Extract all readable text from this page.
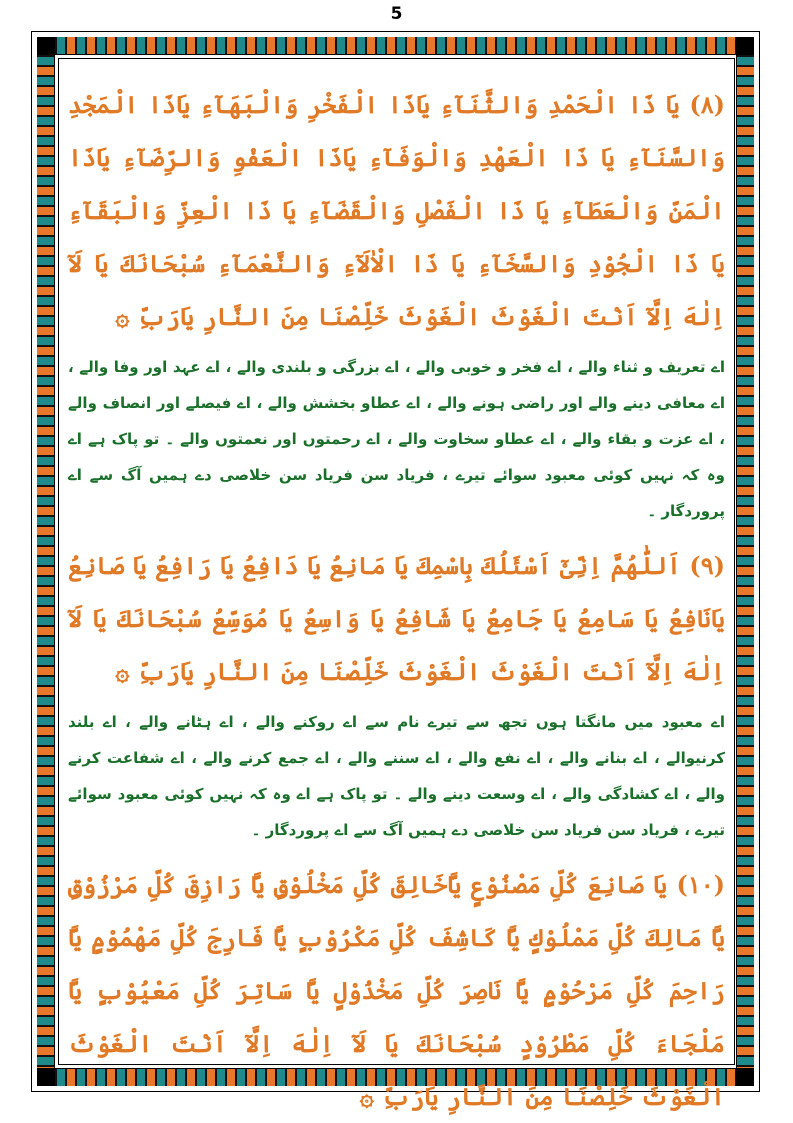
5

(٨) يَا ذَا الْحَمْدِ وَالثَّنَآءِ يَاذَا الْفَخْرِ وَالْبَهَآءِ يَاذَا الْمَجْدِ وَالسَّنَآءِ يَا ذَا الْعَهْدِ وَالْوَفَآءِ يَاذَا الْعَفْوِ وَالرِّضَآءِ يَاذَا الْمَنِّ وَالْعَطَآءِ يَا ذَا الْفَصْلِ وَالْقَضَآءِ يَا ذَا الْعِزِّ وَالْبَقَآءِ يَا ذَا الْجُوْدِ وَالسَّخَآءِ يَا ذَا الْاٰلَآءِ وَالنَّعْمَآءِ سُبْحَانَكَ يَا لَآ اِلٰهَ اِلَّآ اَنْتَ الْغَوْثَ الْغَوْثَ خَلِّصْنَا مِنَ النَّارِ يَارَبِّ ۞

اے تعریف و ثناء والے ، اے فخر و خوبی والے ، اے بزرگی و بلندی والے ، اے عہد اور وفا والے ، اے معافی دینے والے اور راضی ہونے والے ، اے عطاو بخشش والے ، اے فیصلے اور انصاف والے ، اے عزت و بقاء والے ، اے عطاو سخاوت والے ، اے رحمتوں اور نعمتوں والے ۔ تو پاک ہے اے وہ کہ نہیں کوئی معبود سوائے تیرے ، فریاد سن فریاد سن خلاصی دے ہمیں آگ سے اے پروردگار ۔

(٩) اَللّٰهُمَّ اِنِّیْٓ اَسْئَلُكَ بِاسْمِكَ يَا مَانِعُ يَا دَافِعُ يَا رَافِعُ يَا صَانِعُ يَانَافِعُ يَا سَامِعُ يَا جَامِعُ يَا شَافِعُ يَا وَاسِعُ يَا مُوَسِّعُ سُبْحَانَكَ يَا لَآ اِلٰهَ اِلَّآ اَنْتَ الْغَوْثَ الْغَوْثَ خَلِّصْنَا مِنَ النَّارِ يَارَبِّ ۞

اے معبود میں مانگتا ہوں تجھ سے تیرے نام سے اے روکنے والے ، اے ہٹانے والے ، اے بلند کرنیوالے ، اے بنانے والے ، اے نفع والے ، اے سننے والے ، اے جمع کرنے والے ، اے شفاعت کرنے والے ، اے کشادگی والے ، اے وسعت دینے والے ۔ تو پاک ہے اے وہ کہ نہیں کوئی معبود سوائے تیرے ، فریاد سن فریاد سن خلاصی دے ہمیں آگ سے اے پروردگار ۔

(١٠) يَا صَانِعَ كُلِّ مَصْنُوْعٍ يَّاخَالِقَ كُلِّ مَخْلُوْقٍ يَّا رَازِقَ كُلِّ مَرْزُوْقٍ يَّا مَالِكَ كُلِّ مَمْلُوْكٍ يَّا كَاشِفَ كُلِّ مَكْرُوْبٍ يَّا فَارِجَ كُلِّ مَهْمُوْمٍ يَّا رَاحِمَ كُلِّ مَرْحُوْمٍ يَّا نَاصِرَ كُلِّ مَخْذُوْلٍ يَّا سَاتِرَ كُلِّ مَعْيُوْبٍ يَّا مَلْجَاءَ كُلِّ مَطْرُوْدٍ سُبْحَانَكَ يَا لَآ اِلٰهَ اِلَّآ اَنْتَ الْغَوْثَ الْغَوْثَ خَلِّصْنَا مِنَ النَّارِ يَارَبِّ ۞
